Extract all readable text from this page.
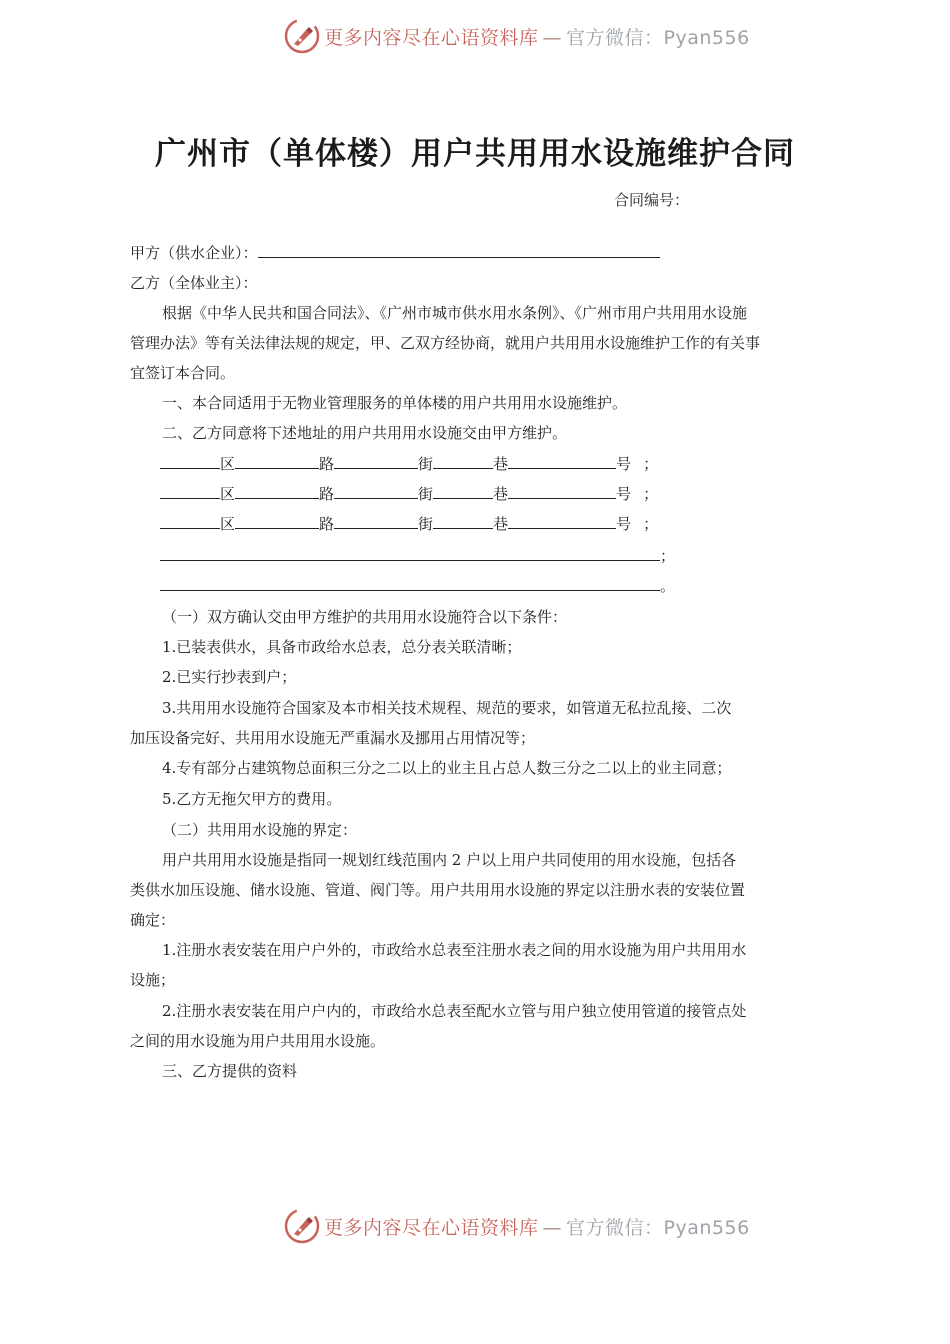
更多内容尽在心语资料库 — 官方微信：Pyan556
广州市（单体楼）用户共用用水设施维护合同
合同编号：
甲方（供水企业）：
乙方（全体业主）：
根据《中华人民共和国合同法》、《广州市城市供水用水条例》、《广州市用户共用用水设施
管理办法》等有关法律法规的规定，甲、乙双方经协商，就用户共用用水设施维护工作的有关事
宜签订本合同。
一、本合同适用于无物业管理服务的单体楼的用户共用用水设施维护。
二、乙方同意将下述地址的用户共用用水设施交由甲方维护。
区	路	街	巷	号 ；
区	路	街	巷	号 ；
区	路	街	巷	号 ；
；
。
（一）双方确认交由甲方维护的共用用水设施符合以下条件：
1.已装表供水，具备市政给水总表，总分表关联清晰；
2.已实行抄表到户；
3.共用用水设施符合国家及本市相关技术规程、规范的要求，如管道无私拉乱接、二次
加压设备完好、共用用水设施无严重漏水及挪用占用情况等；
4.专有部分占建筑物总面积三分之二以上的业主且占总人数三分之二以上的业主同意；
5.乙方无拖欠甲方的费用。
（二）共用用水设施的界定：
用户共用用水设施是指同一规划红线范围内 2 户以上用户共同使用的用水设施，包括各
类供水加压设施、储水设施、管道、阀门等。用户共用用水设施的界定以注册水表的安装位置
确定：
1.注册水表安装在用户户外的，市政给水总表至注册水表之间的用水设施为用户共用用水
设施；
2.注册水表安装在用户户内的，市政给水总表至配水立管与用户独立使用管道的接管点处
之间的用水设施为用户共用用水设施。
三、乙方提供的资料
更多内容尽在心语资料库 — 官方微信：Pyan556
